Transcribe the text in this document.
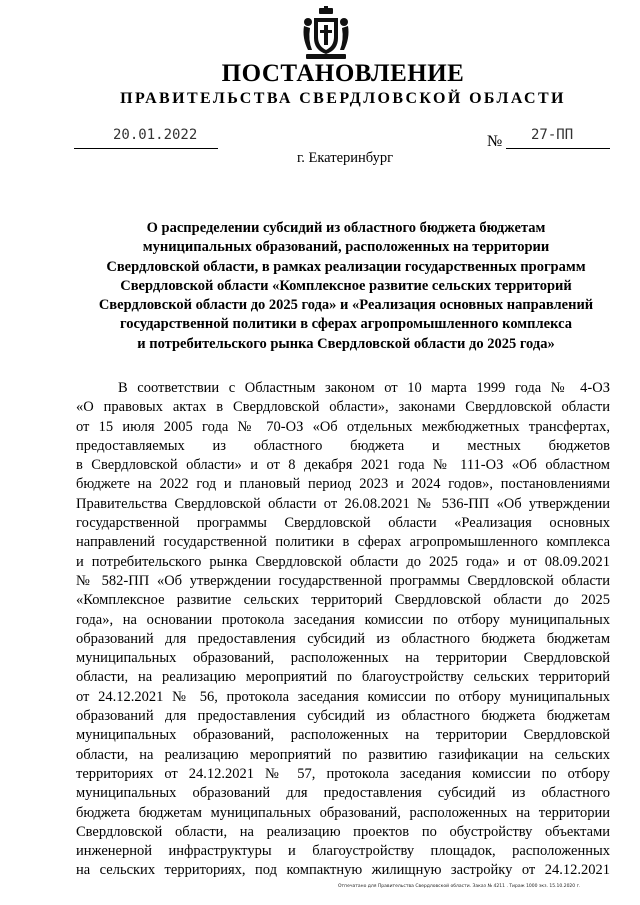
ПОСТАНОВЛЕНИЕ
ПРАВИТЕЛЬСТВА СВЕРДЛОВСКОЙ ОБЛАСТИ
20.01.2022	№ 27-ПП
г. Екатеринбург
О распределении субсидий из областного бюджета бюджетам
муниципальных образований, расположенных на территории
Свердловской области, в рамках реализации государственных программ
Свердловской области «Комплексное развитие сельских территорий
Свердловской области до 2025 года» и «Реализация основных направлений
государственной политики в сферах агропромышленного комплекса
и потребительского рынка Свердловской области до 2025 года»
В соответствии с Областным законом от 10 марта 1999 года № 4-ОЗ
«О правовых актах в Свердловской области», законами Свердловской области
от 15 июля 2005 года № 70-ОЗ «Об отдельных межбюджетных трансфертах,
предоставляемых из областного бюджета и местных бюджетов
в Свердловской области» и от 8 декабря 2021 года № 111-ОЗ «Об областном
бюджете на 2022 год и плановый период 2023 и 2024 годов», постановлениями
Правительства Свердловской области от 26.08.2021 № 536-ПП «Об утверждении
государственной программы Свердловской области «Реализация основных
направлений государственной политики в сферах агропромышленного комплекса
и потребительского рынка Свердловской области до 2025 года» и от 08.09.2021
№ 582-ПП «Об утверждении государственной программы Свердловской области
«Комплексное развитие сельских территорий Свердловской области до 2025
года», на основании протокола заседания комиссии по отбору муниципальных
образований для предоставления субсидий из областного бюджета бюджетам
муниципальных образований, расположенных на территории Свердловской
области, на реализацию мероприятий по благоустройству сельских территорий
от 24.12.2021 № 56, протокола заседания комиссии по отбору муниципальных
образований для предоставления субсидий из областного бюджета бюджетам
муниципальных образований, расположенных на территории Свердловской
области, на реализацию мероприятий по развитию газификации на сельских
территориях от 24.12.2021 № 57, протокола заседания комиссии по отбору
муниципальных образований для предоставления субсидий из областного
бюджета бюджетам муниципальных образований, расположенных на территории
Свердловской области, на реализацию проектов по обустройству объектами
инженерной инфраструктуры и благоустройству площадок, расположенных
на сельских территориях, под компактную жилищную застройку от 24.12.2021
Отпечатано для Правительства Свердловской области. Заказ № 4211 . Тираж 1000 экз. 15.10.2020 г.
